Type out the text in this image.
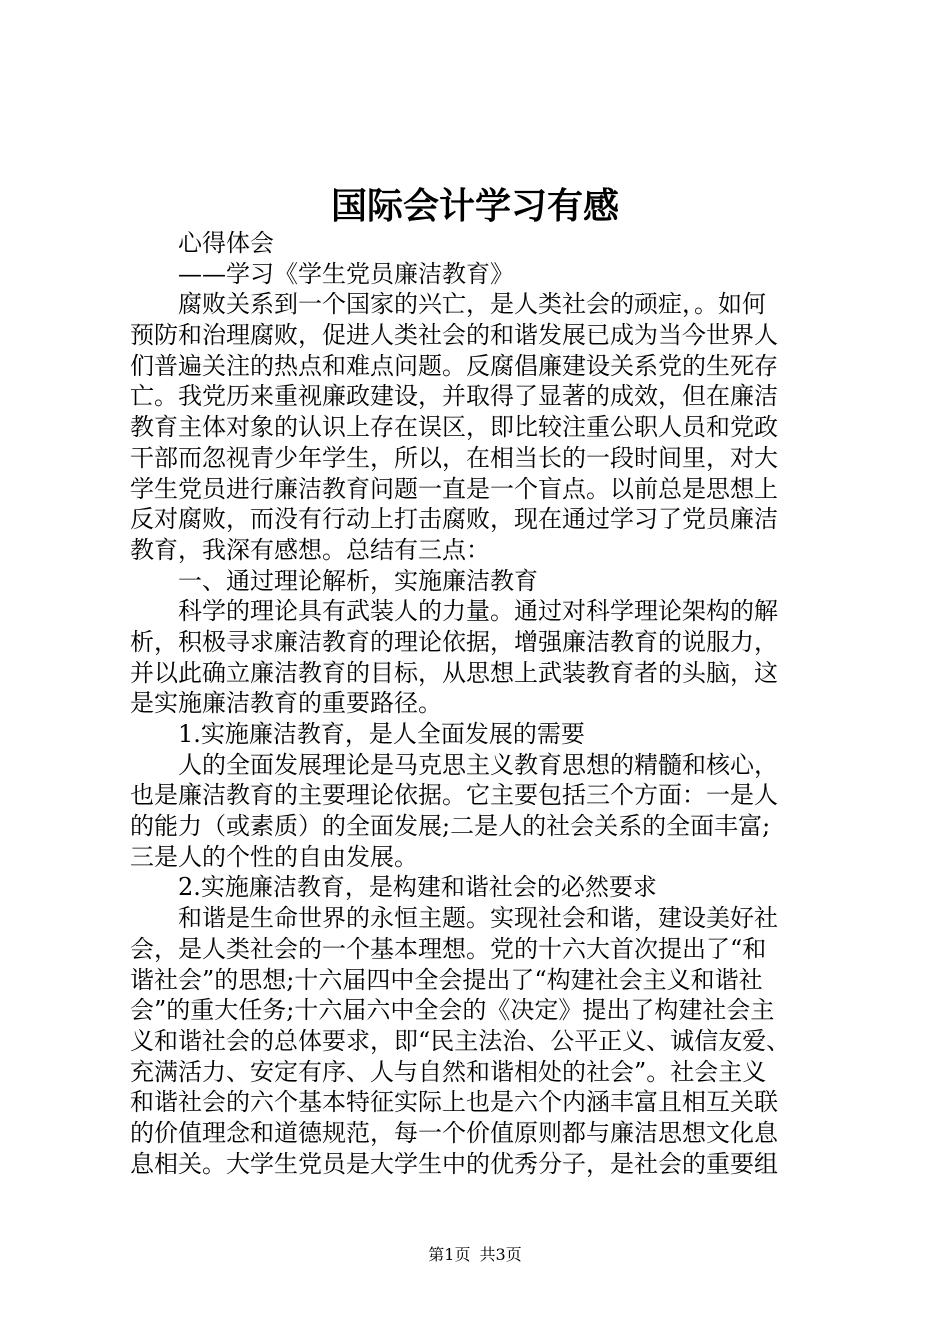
国际会计学习有感
心得体会
——学习《学生党员廉洁教育》
腐败关系到一个国家的兴亡，是人类社会的顽症，。如何
预防和治理腐败，促进人类社会的和谐发展已成为当今世界人
们普遍关注的热点和难点问题。反腐倡廉建设关系党的生死存
亡。我党历来重视廉政建设，并取得了显著的成效，但在廉洁
教育主体对象的认识上存在误区，即比较注重公职人员和党政
干部而忽视青少年学生，所以，在相当长的一段时间里，对大
学生党员进行廉洁教育问题一直是一个盲点。以前总是思想上
反对腐败，而没有行动上打击腐败，现在通过学习了党员廉洁
教育，我深有感想。总结有三点：
一、通过理论解析，实施廉洁教育
科学的理论具有武装人的力量。通过对科学理论架构的解
析，积极寻求廉洁教育的理论依据，增强廉洁教育的说服力，
并以此确立廉洁教育的目标，从思想上武装教育者的头脑，这
是实施廉洁教育的重要路径。
1.实施廉洁教育，是人全面发展的需要
人的全面发展理论是马克思主义教育思想的精髓和核心，
也是廉洁教育的主要理论依据。它主要包括三个方面：一是人
的能力（或素质）的全面发展;二是人的社会关系的全面丰富;
三是人的个性的自由发展。
2.实施廉洁教育，是构建和谐社会的必然要求
和谐是生命世界的永恒主题。实现社会和谐，建设美好社
会，是人类社会的一个基本理想。党的十六大首次提出了“和
谐社会”的思想;十六届四中全会提出了“构建社会主义和谐社
会”的重大任务;十六届六中全会的《决定》提出了构建社会主
义和谐社会的总体要求，即“民主法治、公平正义、诚信友爱、
充满活力、安定有序、人与自然和谐相处的社会”。社会主义
和谐社会的六个基本特征实际上也是六个内涵丰富且相互关联
的价值理念和道德规范，每一个价值原则都与廉洁思想文化息
息相关。大学生党员是大学生中的优秀分子，是社会的重要组
第1页 共3页
